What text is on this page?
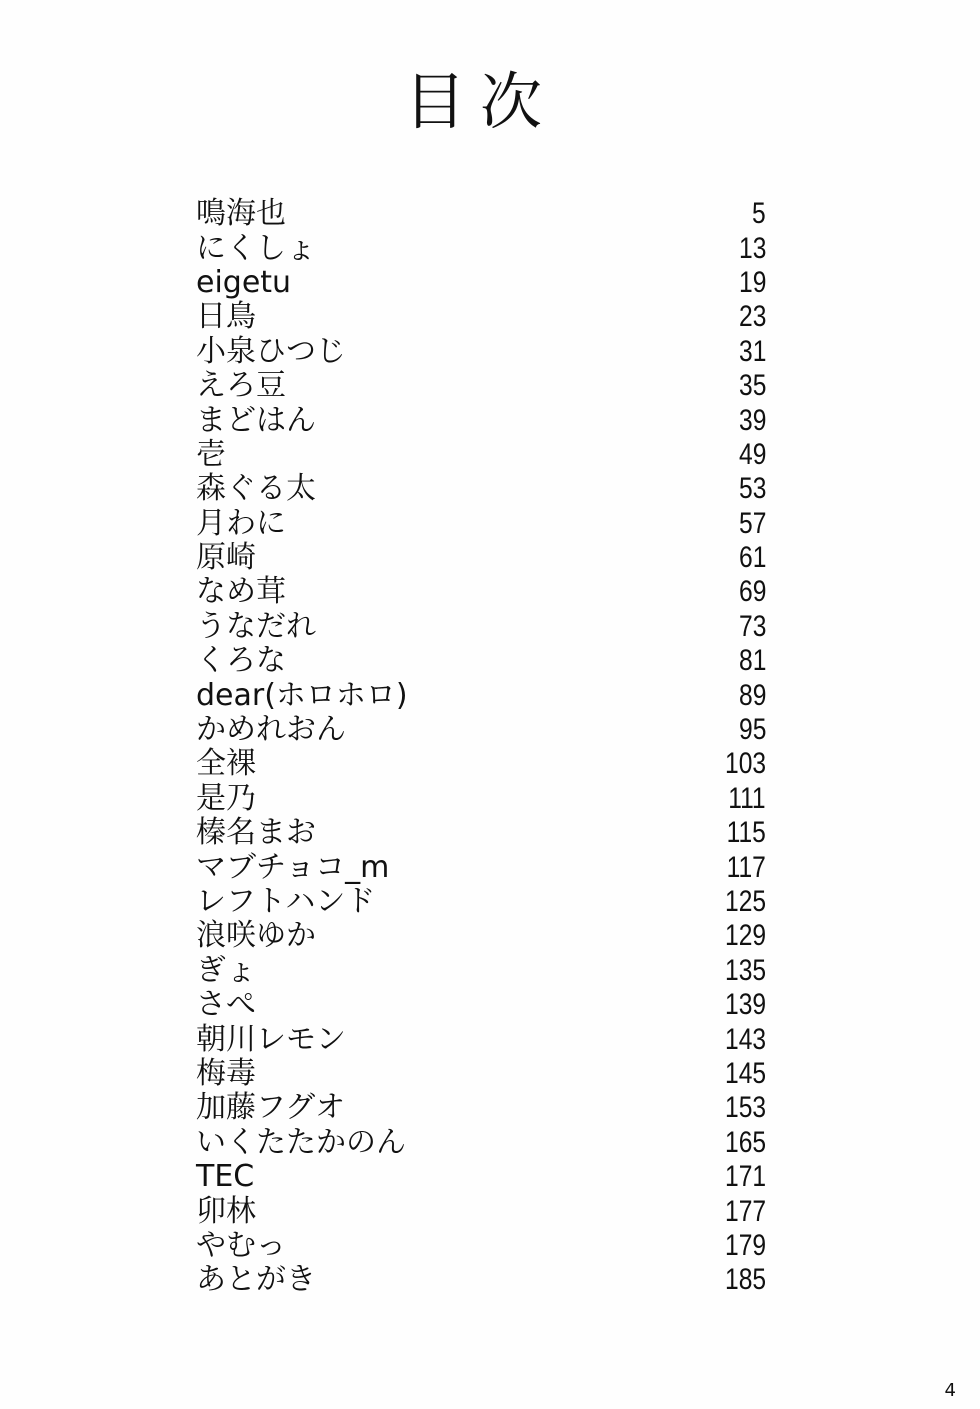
目次
鳴海也	5
にくしょ	13
eigetu	19
日鳥	23
小泉ひつじ	31
えろ豆	35
まどはん	39
壱	49
森ぐる太	53
月わに	57
原崎	61
なめ茸	69
うなだれ	73
くろな	81
dear(ホロホロ)	89
かめれおん	95
全裸	103
是乃	111
榛名まお	115
マブチョコ_m	117
レフトハンド	125
浪咲ゆか	129
ぎょ	135
さぺ	139
朝川レモン	143
梅毒	145
加藤フグオ	153
いくたたかのん	165
TEC	171
卯林	177
やむっ	179
あとがき	185
4
